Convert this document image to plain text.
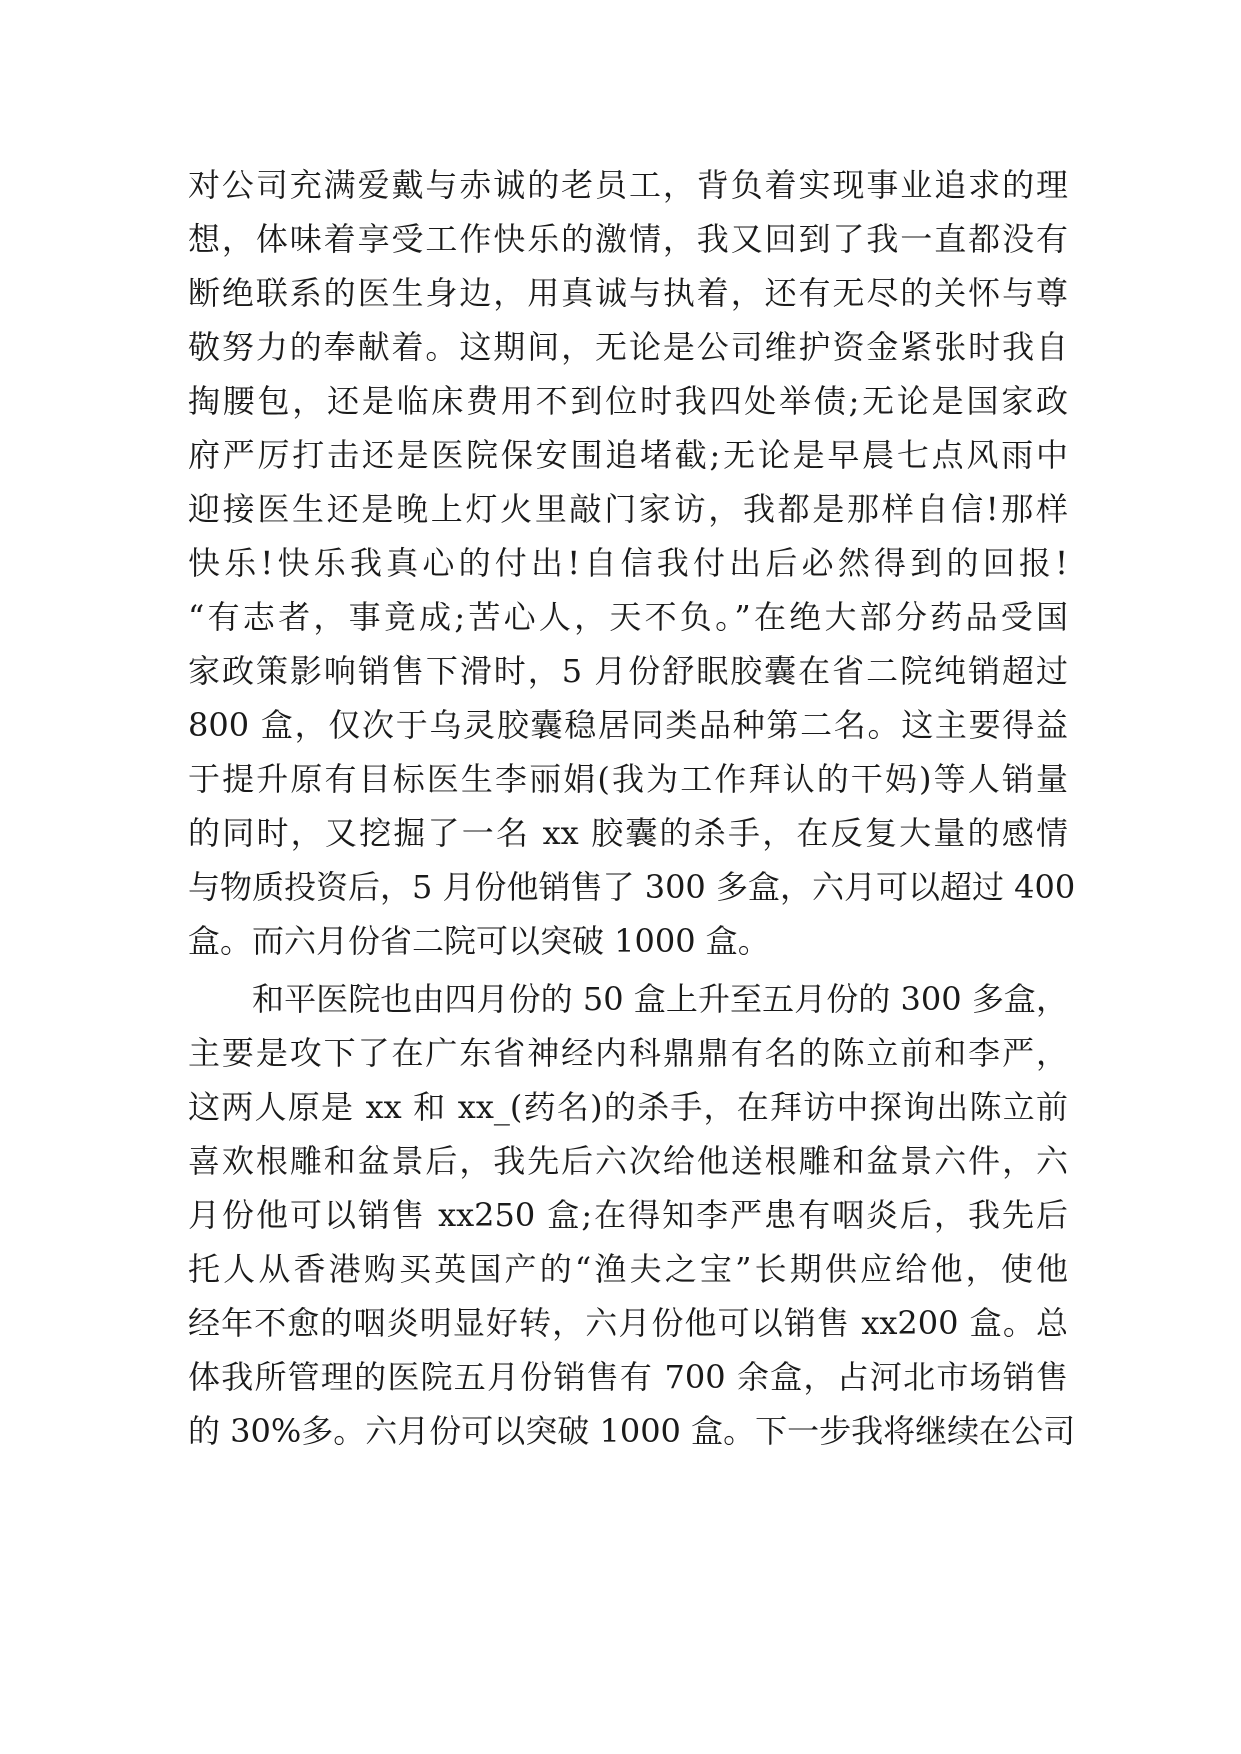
对公司充满爱戴与赤诚的老员工，背负着实现事业追求的理
想，体味着享受工作快乐的激情，我又回到了我一直都没有
断绝联系的医生身边，用真诚与执着，还有无尽的关怀与尊
敬努力的奉献着。这期间，无论是公司维护资金紧张时我自
掏腰包，还是临床费用不到位时我四处举债;无论是国家政
府严厉打击还是医院保安围追堵截;无论是早晨七点风雨中
迎接医生还是晚上灯火里敲门家访，我都是那样自信!那样
快乐!快乐我真心的付出!自信我付出后必然得到的回报!
“有志者，事竟成;苦心人，天不负。”在绝大部分药品受国
家政策影响销售下滑时，5 月份舒眠胶囊在省二院纯销超过
800 盒，仅次于乌灵胶囊稳居同类品种第二名。这主要得益
于提升原有目标医生李丽娟(我为工作拜认的干妈)等人销量
的同时，又挖掘了一名 xx 胶囊的杀手，在反复大量的感情
与物质投资后，5 月份他销售了 300 多盒，六月可以超过 400
盒。而六月份省二院可以突破 1000 盒。
和平医院也由四月份的 50 盒上升至五月份的 300 多盒，
主要是攻下了在广东省神经内科鼎鼎有名的陈立前和李严，
这两人原是 xx 和 xx_(药名)的杀手，在拜访中探询出陈立前
喜欢根雕和盆景后，我先后六次给他送根雕和盆景六件，六
月份他可以销售 xx250 盒;在得知李严患有咽炎后，我先后
托人从香港购买英国产的“渔夫之宝”长期供应给他，使他
经年不愈的咽炎明显好转，六月份他可以销售 xx200 盒。总
体我所管理的医院五月份销售有 700 余盒，占河北市场销售
的 30%多。六月份可以突破 1000 盒。下一步我将继续在公司
